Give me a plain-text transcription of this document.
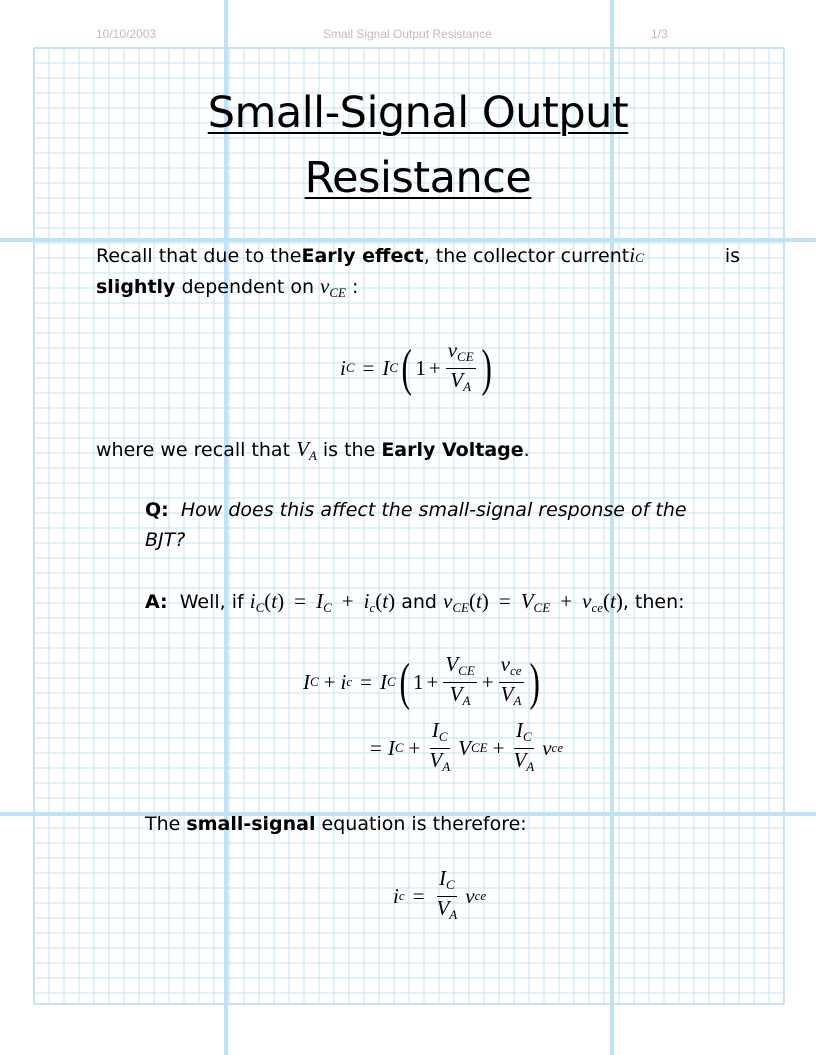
10/10/2003	Small Signal Output Resistance	1/3
Small-Signal Output
Resistance
Recall that due to the Early effect , the collector current i C	is
slightly dependent on $v_{CE}$ :
i C = I C ( 1 +
$v_{CE}$
$V_A$ )
where we recall that $V_A$ is the Early Voltage.
Q: How does this affect the small-signal response of the
BJT?
A: Well, if $i_C(t) = I_C + i_c(t)$ and $v_{CE}(t) = V_{CE} + v_{ce}(t)$, then:
I C + i c = I C ( 1 +
$V_{CE}$
$V_A$
+
$v_{ce}$
$V_A$ )
= I $C + \frac{I_C}{V_A}$ V CE + $\frac{I_C}{V_A}$ v ce
The small-signal equation is therefore:
i $c = \frac{I_C}{V_A}$ v ce
